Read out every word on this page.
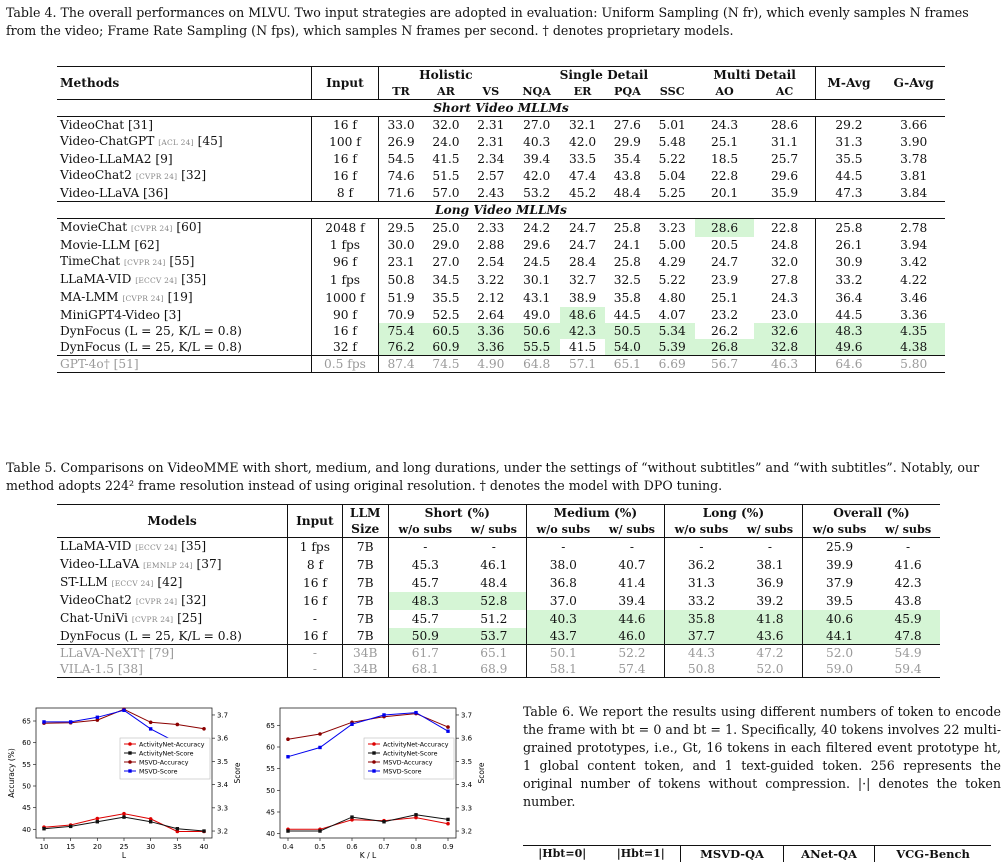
Table 4. The overall performances on MLVU. Two input strategies are adopted in evaluation: Uniform Sampling (N fr), which evenly samples N frames from the video; Frame Rate Sampling (N fps), which samples N frames per second. † denotes proprietary models.
Methods	Input	Holistic			Single Detail				Multi Detail		M-Avg	G-Avg
		TR	AR	VS	NQA	ER	PQA	SSC	AO	AC		
Short Video MLLMs												
VideoChat [31]	16 f	33.0	32.0	2.31	27.0	32.1	27.6	5.01	24.3	28.6	29.2	3.66
Video-ChatGPT [ACL 24] [45]	100 f	26.9	24.0	2.31	40.3	42.0	29.9	5.48	25.1	31.1	31.3	3.90
Video-LLaMA2 [9]	16 f	54.5	41.5	2.34	39.4	33.5	35.4	5.22	18.5	25.7	35.5	3.78
VideoChat2 [CVPR 24] [32]	16 f	74.6	51.5	2.57	42.0	47.4	43.8	5.04	22.8	29.6	44.5	3.81
Video-LLaVA [36]	8 f	71.6	57.0	2.43	53.2	45.2	48.4	5.25	20.1	35.9	47.3	3.84
Long Video MLLMs												
MovieChat [CVPR 24] [60]	2048 f	29.5	25.0	2.33	24.2	24.7	25.8	3.23	28.6	22.8	25.8	2.78
Movie-LLM [62]	1 fps	30.0	29.0	2.88	29.6	24.7	24.1	5.00	20.5	24.8	26.1	3.94
TimeChat [CVPR 24] [55]	96 f	23.1	27.0	2.54	24.5	28.4	25.8	4.29	24.7	32.0	30.9	3.42
LLaMA-VID [ECCV 24] [35]	1 fps	50.8	34.5	3.22	30.1	32.7	32.5	5.22	23.9	27.8	33.2	4.22
MA-LMM [CVPR 24] [19]	1000 f	51.9	35.5	2.12	43.1	38.9	35.8	4.80	25.1	24.3	36.4	3.46
MiniGPT4-Video [3]	90 f	70.9	52.5	2.64	49.0	48.6	44.5	4.07	23.2	23.0	44.5	3.36
DynFocus (L = 25, K/L = 0.8)	16 f	75.4	60.5	3.36	50.6	42.3	50.5	5.34	26.2	32.6	48.3	4.35
DynFocus (L = 25, K/L = 0.8)	32 f	76.2	60.9	3.36	55.5	41.5	54.0	5.39	26.8	32.8	49.6	4.38
GPT-4o† [51]	0.5 fps	87.4	74.5	4.90	64.8	57.1	65.1	6.69	56.7	46.3	64.6	5.80
Table 5. Comparisons on VideoMME with short, medium, and long durations, under the settings of “without subtitles” and “with subtitles”. Notably, our method adopts 224² frame resolution instead of using original resolution. † denotes the model with DPO tuning.
Models	Input	LLM	Short (%)		Medium (%)		Long (%)		Overall (%)	
		Size	w/o subs	w/ subs	w/o subs	w/ subs	w/o subs	w/ subs	w/o subs	w/ subs
LLaMA-VID [ECCV 24] [35]	1 fps	7B	-	-	-	-	-	-	25.9	-
Video-LLaVA [EMNLP 24] [37]	8 f	7B	45.3	46.1	38.0	40.7	36.2	38.1	39.9	41.6
ST-LLM [ECCV 24] [42]	16 f	7B	45.7	48.4	36.8	41.4	31.3	36.9	37.9	42.3
VideoChat2 [CVPR 24] [32]	16 f	7B	48.3	52.8	37.0	39.4	33.2	39.2	39.5	43.8
Chat-UniVi [CVPR 24] [25]	-	7B	45.7	51.2	40.3	44.6	35.8	41.8	40.6	45.9
DynFocus (L = 25, K/L = 0.8)	16 f	7B	50.9	53.7	43.7	46.0	37.7	43.6	44.1	47.8
LLaVA-NeXT† [79]	-	34B	61.7	65.1	50.1	52.2	44.3	47.2	52.0	54.9
VILA-1.5 [38]	-	34B	68.1	68.9	58.1	57.4	50.8	52.0	59.0	59.4
10	15	20	25	30	35	40
40
45
50
55
60
65
3.2
3.3
3.4
3.5
3.6
3.7
L
Accuracy (%)	Score
ActivityNet-Accuracy
ActivityNet-Score
MSVD-Accuracy
MSVD-Score
0.4	0.5	0.6	0.7	0.8	0.9
40
45
50
55
60
65
3.2
3.3
3.4
3.5
3.6
3.7
K / L
Score
ActivityNet-Accuracy
ActivityNet-Score
MSVD-Accuracy
MSVD-Score
Table 6. We report the results using different numbers of token to encode the frame with bt = 0 and bt = 1. Specifically, 40 tokens involves 22 multi-grained prototypes, i.e., Gt, 16 tokens in each filtered event prototype ht, 1 global content token, and 1 text-guided token. 256 represents the original number of tokens without compression. |·| denotes the token number.
|Hbt=0|	|Hbt=1|	MSVD-QA	ANet-QA	VCG-Bench
